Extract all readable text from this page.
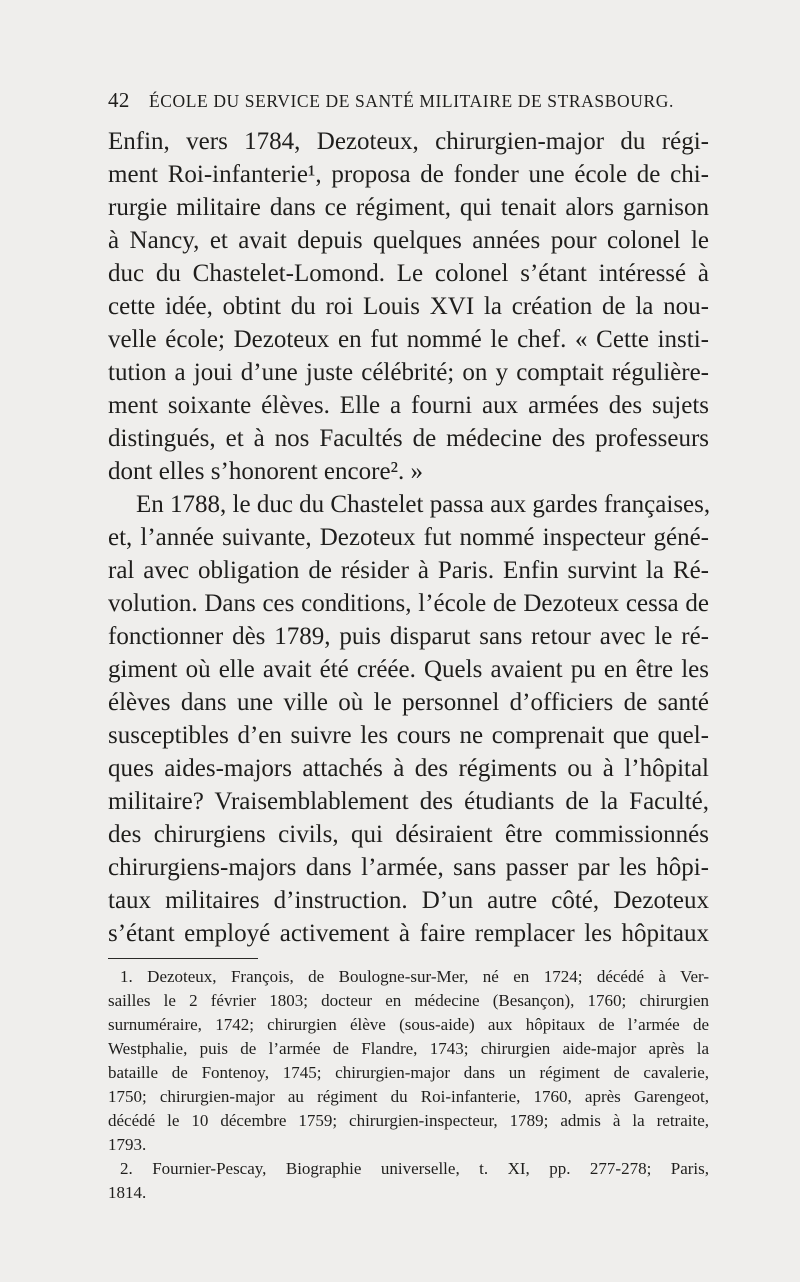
42 ÉCOLE DU SERVICE DE SANTÉ MILITAIRE DE STRASBOURG.
Enfin, vers 1784, Dezoteux, chirurgien-major du régi-
ment Roi-infanterie¹, proposa de fonder une école de chi-
rurgie militaire dans ce régiment, qui tenait alors garnison
à Nancy, et avait depuis quelques années pour colonel le
duc du Chastelet-Lomond. Le colonel s’étant intéressé à
cette idée, obtint du roi Louis XVI la création de la nou-
velle école; Dezoteux en fut nommé le chef. « Cette insti-
tution a joui d’une juste célébrité; on y comptait régulière-
ment soixante élèves. Elle a fourni aux armées des sujets
distingués, et à nos Facultés de médecine des professeurs
dont elles s’honorent encore². »
En 1788, le duc du Chastelet passa aux gardes françaises,
et, l’année suivante, Dezoteux fut nommé inspecteur géné-
ral avec obligation de résider à Paris. Enfin survint la Ré-
volution. Dans ces conditions, l’école de Dezoteux cessa de
fonctionner dès 1789, puis disparut sans retour avec le ré-
giment où elle avait été créée. Quels avaient pu en être les
élèves dans une ville où le personnel d’officiers de santé
susceptibles d’en suivre les cours ne comprenait que quel-
ques aides-majors attachés à des régiments ou à l’hôpital
militaire? Vraisemblablement des étudiants de la Faculté,
des chirurgiens civils, qui désiraient être commissionnés
chirurgiens-majors dans l’armée, sans passer par les hôpi-
taux militaires d’instruction. D’un autre côté, Dezoteux
s’étant employé activement à faire remplacer les hôpitaux
1. Dezoteux, François, de Boulogne-sur-Mer, né en 1724; décédé à Ver-
sailles le 2 février 1803; docteur en médecine (Besançon), 1760; chirurgien
surnuméraire, 1742; chirurgien élève (sous-aide) aux hôpitaux de l’armée de
Westphalie, puis de l’armée de Flandre, 1743; chirurgien aide-major après la
bataille de Fontenoy, 1745; chirurgien-major dans un régiment de cavalerie,
1750; chirurgien-major au régiment du Roi-infanterie, 1760, après Garengeot,
décédé le 10 décembre 1759; chirurgien-inspecteur, 1789; admis à la retraite,
1793.
2. Fournier-Pescay, Biographie universelle, t. XI, pp. 277-278; Paris,
1814.
